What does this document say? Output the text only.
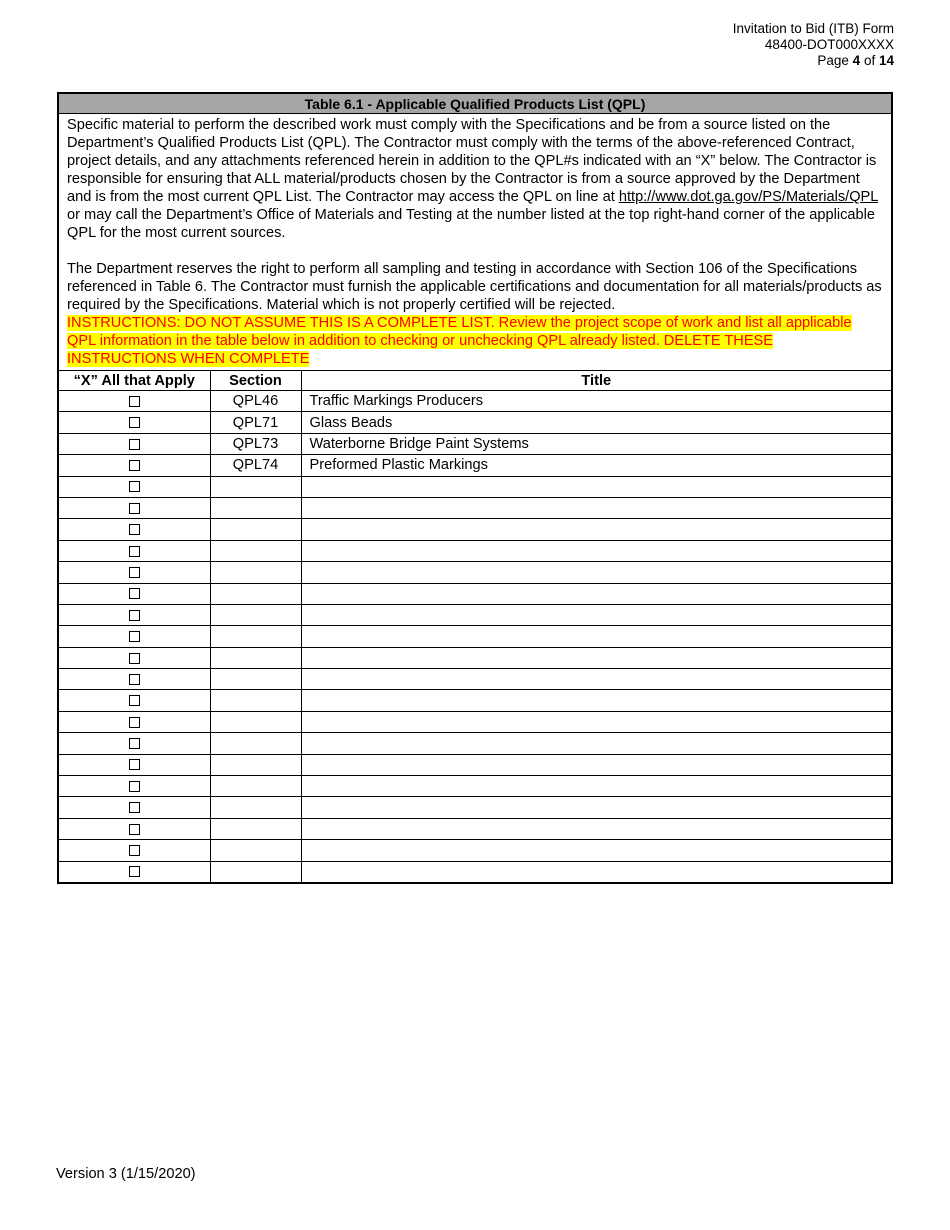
Invitation to Bid (ITB) Form
48400-DOT000XXXX
Page 4 of 14
Table 6.1 - Applicable Qualified Products List (QPL)		

Specific material to perform the described work must comply with the Specifications and be from a source listed on the Department’s Qualified Products List (QPL). The Contractor must comply with the terms of the above-referenced Contract, project details, and any attachments referenced herein in addition to the QPL#s indicated with an “X” below. The Contractor is responsible for ensuring that ALL material/products chosen by the Contractor is from a source approved by the Department and is from the most current QPL List. The Contractor may access the QPL on line at http://www.dot.ga.gov/PS/Materials/QPL or may call the Department’s Office of Materials and Testing at the number listed at the top right-hand corner of the applicable QPL for the most current sources.

The Department reserves the right to perform all sampling and testing in accordance with Section 106 of the Specifications referenced in Table 6. The Contractor must furnish the applicable certifications and documentation for all materials/products as required by the Specifications. Material which is not properly certified will be rejected.

INSTRUCTIONS: DO NOT ASSUME THIS IS A COMPLETE LIST. Review the project scope of work and list all applicable QPL information in the table below in addition to checking or unchecking QPL already listed. DELETE THESE INSTRUCTIONS WHEN COMPLETE		

“X” All that Apply	Section	Title
	QPL46	Traffic Markings Producers
	QPL71	Glass Beads
	QPL73	Waterborne Bridge Paint Systems
	QPL74	Preformed Plastic Markings

Version 3 (1/15/2020)
